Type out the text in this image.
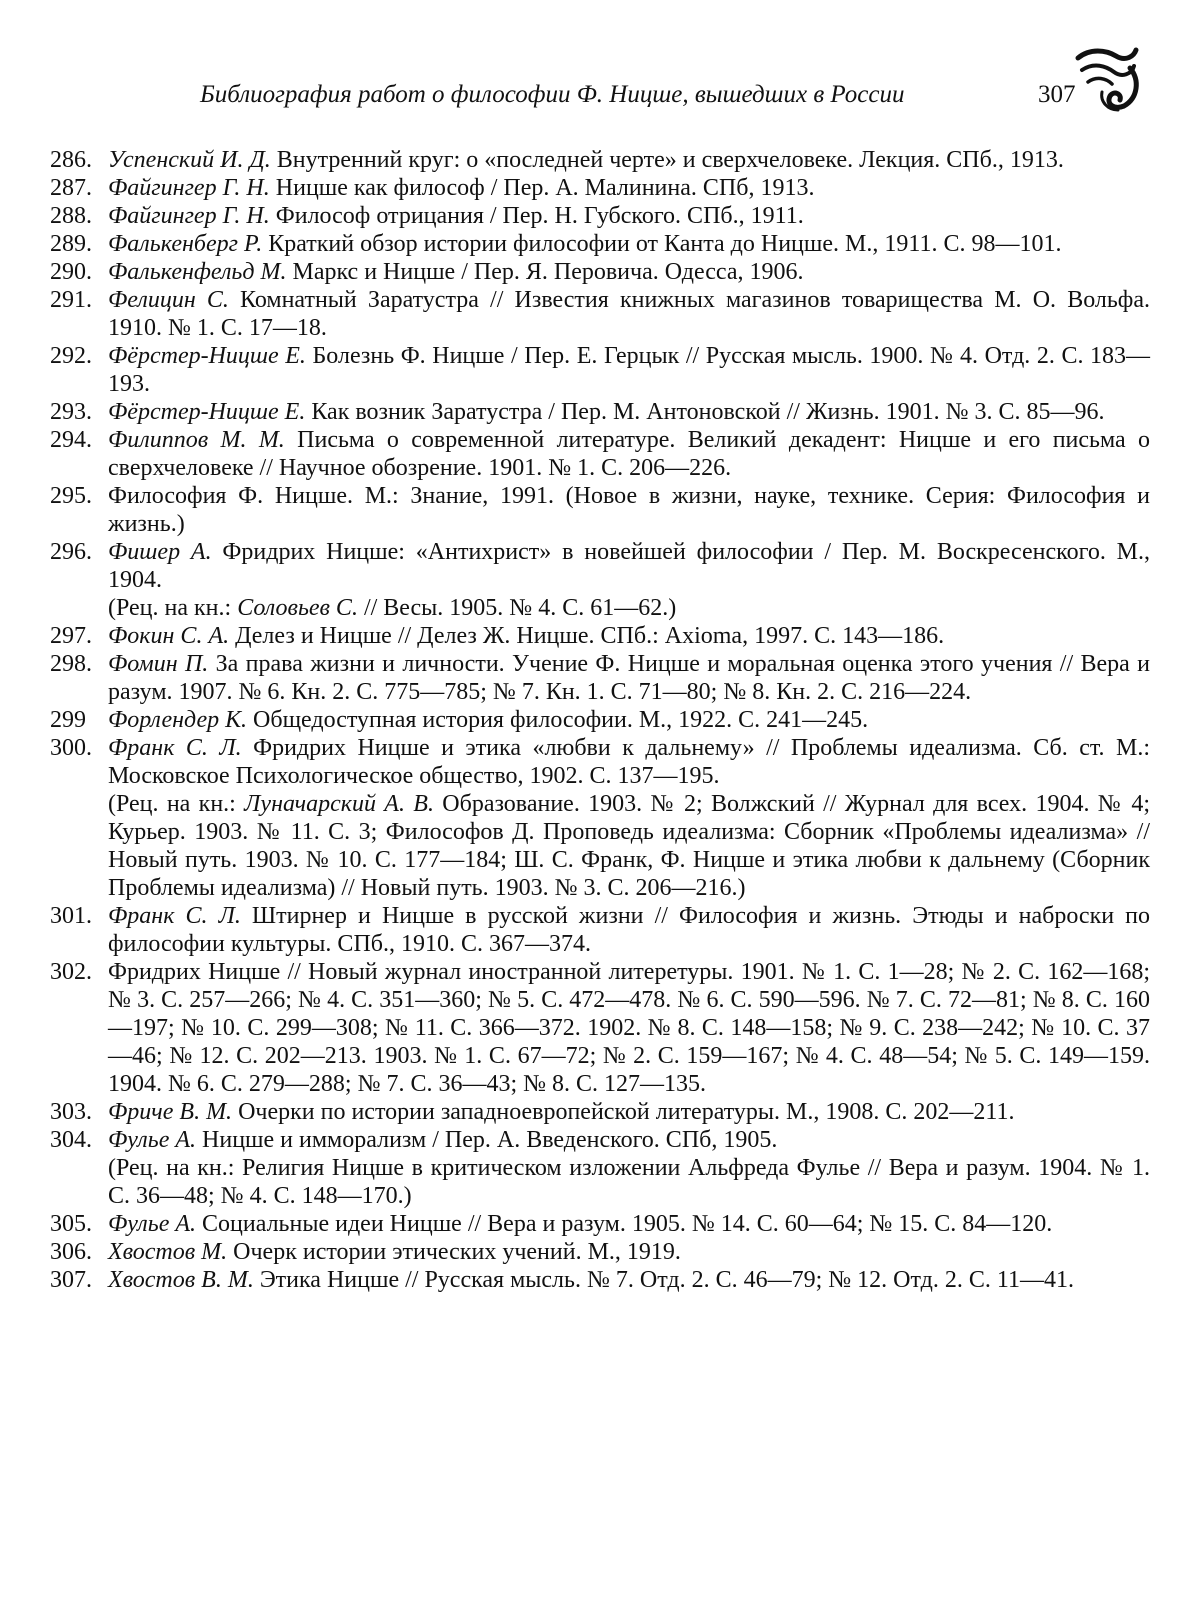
Библиография работ о философии Ф. Ницше, вышедших в России	307
286. Успенский И. Д. Внутренний круг: о «последней черте» и сверхчеловеке. Лекция. СПб., 1913.
287. Файгингер Г. Н. Ницше как философ / Пер. А. Малинина. СПб, 1913.
288. Файгингер Г. Н. Философ отрицания / Пер. Н. Губского. СПб., 1911.
289. Фалькенберг Р. Краткий обзор истории философии от Канта до Ницше. М., 1911. С. 98—101.
290. Фалькенфельд М. Маркс и Ницше / Пер. Я. Перовича. Одесса, 1906.
291. Фелицин С. Комнатный Заратустра // Известия книжных магазинов товарищества М. О. Вольфа. 1910. № 1. С. 17—18.
292. Фёрстер-Ницше Е. Болезнь Ф. Ницше / Пер. Е. Герцык // Русская мысль. 1900. № 4. Отд. 2. С. 183—193.
293. Фёрстер-Ницше Е. Как возник Заратустра / Пер. М. Антоновской // Жизнь. 1901. № 3. С. 85—96.
294. Филиппов М. М. Письма о современной литературе. Великий декадент: Ницше и его письма о сверхчеловеке // Научное обозрение. 1901. № 1. С. 206—226.
295. Философия Ф. Ницше. М.: Знание, 1991. (Новое в жизни, науке, технике. Серия: Философия и жизнь.)
296. Фишер А. Фридрих Ницше: «Антихрист» в новейшей философии / Пер. М. Воскресенского. М., 1904.
(Рец. на кн.: Соловьев С. // Весы. 1905. № 4. С. 61—62.)
297. Фокин С. А. Делез и Ницше // Делез Ж. Ницше. СПб.: Axioma, 1997. С. 143—186.
298. Фомин П. За права жизни и личности. Учение Ф. Ницше и моральная оценка этого учения // Вера и разум. 1907. № 6. Кн. 2. С. 775—785; № 7. Кн. 1. С. 71—80; № 8. Кн. 2. С. 216—224.
299 Форлендер К. Общедоступная история философии. М., 1922. С. 241—245.
300. Франк С. Л. Фридрих Ницше и этика «любви к дальнему» // Проблемы идеализма. Сб. ст. М.: Московское Психологическое общество, 1902. С. 137—195.
(Рец. на кн.: Луначарский А. В. Образование. 1903. № 2; Волжский // Журнал для всех. 1904. № 4; Курьер. 1903. № 11. С. 3; Философов Д. Проповедь идеализма: Сборник «Проблемы идеализма» // Новый путь. 1903. № 10. С. 177—184; Ш. С. Франк, Ф. Ницше и этика любви к дальнему (Сборник Проблемы идеализма) // Новый путь. 1903. № 3. С. 206—216.)
301. Франк С. Л. Штирнер и Ницше в русской жизни // Философия и жизнь. Этюды и наброски по философии культуры. СПб., 1910. С. 367—374.
302. Фридрих Ницше // Новый журнал иностранной литеретуры. 1901. № 1. С. 1—28; № 2. С. 162—168; № 3. С. 257—266; № 4. С. 351—360; № 5. С. 472—478. № 6. С. 590—596. № 7. С. 72—81; № 8. С. 160—197; № 10. С. 299—308; № 11. С. 366—372. 1902. № 8. С. 148—158; № 9. С. 238—242; № 10. С. 37—46; № 12. С. 202—213. 1903. № 1. С. 67—72; № 2. С. 159—167; № 4. С. 48—54; № 5. С. 149—159. 1904. № 6. С. 279—288; № 7. С. 36—43; № 8. С. 127—135.
303. Фриче В. М. Очерки по истории западноевропейской литературы. М., 1908. С. 202—211.
304. Фулье А. Ницше и имморализм / Пер. А. Введенского. СПб, 1905.
(Рец. на кн.: Религия Ницше в критическом изложении Альфреда Фулье // Вера и разум. 1904. № 1. С. 36—48; № 4. С. 148—170.)
305. Фулье А. Социальные идеи Ницше // Вера и разум. 1905. № 14. С. 60—64; № 15. С. 84—120.
306. Хвостов М. Очерк истории этических учений. М., 1919.
307. Хвостов В. М. Этика Ницше // Русская мысль. № 7. Отд. 2. С. 46—79; № 12. Отд. 2. С. 11—41.
